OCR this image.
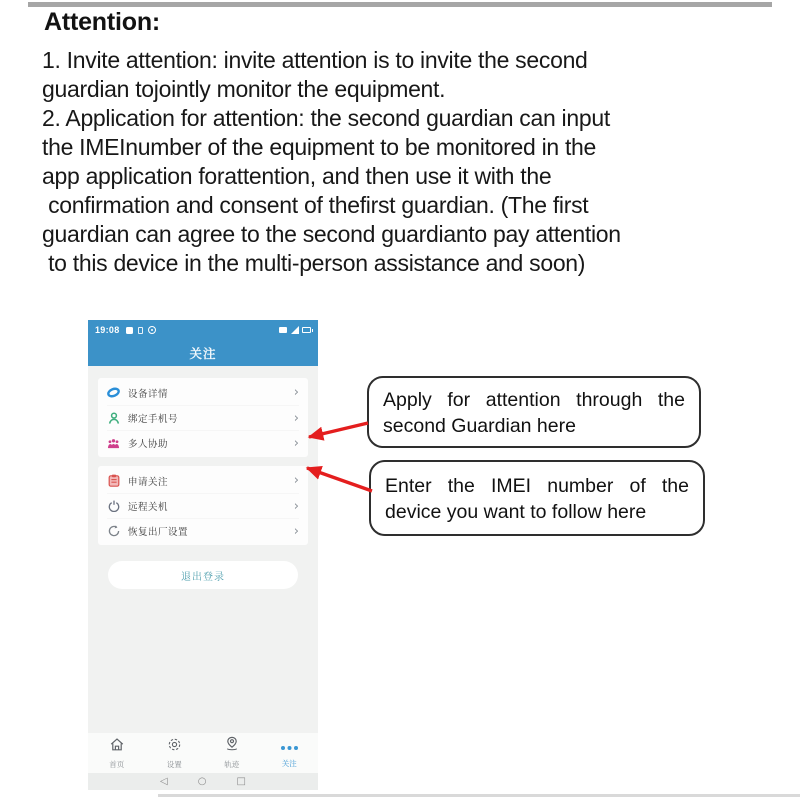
Attention:
1. Invite attention: invite attention is to invite the second
guardian tojointly monitor the equipment.
2. Application for attention: the second guardian can input
the IMEInumber of the equipment to be monitored in the
app application forattention, and then use it with the
confirmation and consent of thefirst guardian. (The first
guardian can agree to the second guardianto pay attention
to this device in the multi-person assistance and soon)
19:08
关注
设备详情	›
绑定手机号	›
多人协助	›
申请关注	›
远程关机	›
恢复出厂设置	›
退出登录
首页	设置	轨迹	关注
◁	○	□
Apply for attention through the second Guardian here
Enter the IMEI number of the device you want to follow here
